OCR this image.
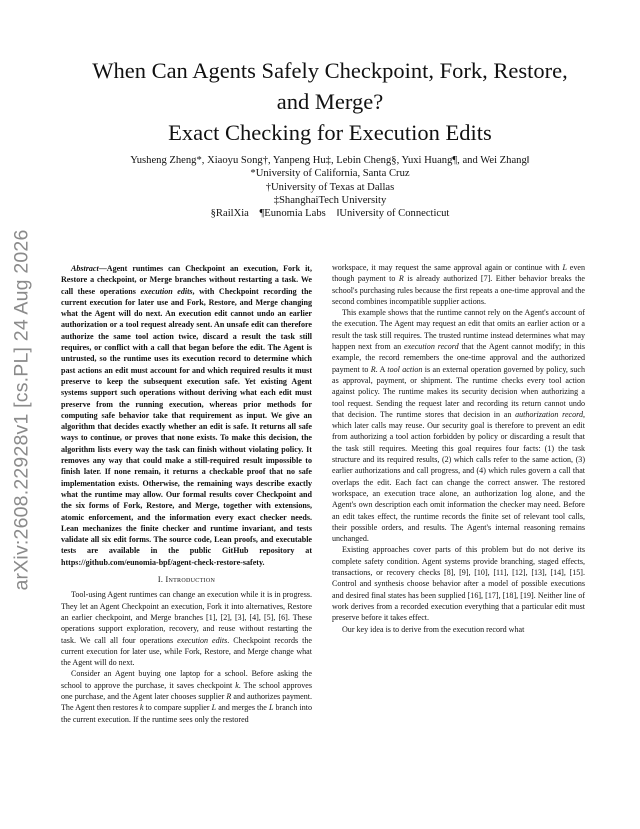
arXiv:2608.22928v1 [cs.PL] 24 Aug 2026
When Can Agents Safely Checkpoint, Fork, Restore,
and Merge?
Exact Checking for Execution Edits
Yusheng Zheng*, Xiaoyu Song†, Yanpeng Hu‡, Lebin Cheng§, Yuxi Huang¶, and Wei Zhang‖
*University of California, Santa Cruz
†University of Texas at Dallas
‡ShanghaiTech University
§RailXia    ¶Eunomia Labs    ‖University of Connecticut

Abstract—Agent runtimes can Checkpoint an execution, Fork it, Restore a checkpoint, or Merge branches without restarting a task. We call these operations execution edits, with Checkpoint recording the current execution for later use and Fork, Restore, and Merge changing what the Agent will do next. An execution edit cannot undo an earlier authorization or a tool request already sent. An unsafe edit can therefore authorize the same tool action twice, discard a result the task still requires, or conflict with a call that began before the edit. The Agent is untrusted, so the runtime uses its execution record to determine which past actions an edit must account for and which required results it must preserve to keep the subsequent execution safe. Yet existing Agent systems support such operations without deriving what each edit must preserve from the running execution, whereas prior methods for computing safe behavior take that requirement as input. We give an algorithm that decides exactly whether an edit is safe. It returns all safe ways to continue, or proves that none exists. To make this decision, the algorithm lists every way the task can finish without violating policy. It removes any way that could make a still-required result impossible to finish later. If none remain, it returns a checkable proof that no safe implementation exists. Otherwise, the remaining ways describe exactly what the runtime may allow. Our formal results cover Checkpoint and the six forms of Fork, Restore, and Merge, together with extensions, atomic enforcement, and the information every exact checker needs. Lean mechanizes the finite checker and runtime invariant, and tests validate all six edit forms. The source code, Lean proofs, and executable tests are available in the public GitHub repository at https://github.com/eunomia-bpf/agent-check-restore-safety.

I. Introduction

Tool-using Agent runtimes can change an execution while it is in progress. They let an Agent Checkpoint an execution, Fork it into alternatives, Restore an earlier checkpoint, and Merge branches [1], [2], [3], [4], [5], [6]. These operations support exploration, recovery, and reuse without restarting the task. We call all four operations execution edits. Checkpoint records the current execution for later use, while Fork, Restore, and Merge change what the Agent will do next.

Consider an Agent buying one laptop for a school. Before asking the school to approve the purchase, it saves checkpoint k. The school approves one purchase, and the Agent later chooses supplier R and authorizes payment. The Agent then restores k to compare supplier L and merges the L branch into the current execution. If the runtime sees only the restored

workspace, it may request the same approval again or continue with L even though payment to R is already authorized [7]. Either behavior breaks the school's purchasing rules because the first repeats a one-time approval and the second combines incompatible supplier actions.

This example shows that the runtime cannot rely on the Agent's account of the execution. The Agent may request an edit that omits an earlier action or a result the task still requires. The trusted runtime instead determines what may happen next from an execution record that the Agent cannot modify; in this example, the record remembers the one-time approval and the authorized payment to R. A tool action is an external operation governed by policy, such as approval, payment, or shipment. The runtime checks every tool action against policy. The runtime makes its security decision when authorizing a tool request. Sending the request later and recording its return cannot undo that decision. The runtime stores that decision in an authorization record, which later calls may reuse. Our security goal is therefore to prevent an edit from authorizing a tool action forbidden by policy or discarding a result that the task still requires. Meeting this goal requires four facts: (1) the task structure and its required results, (2) which calls refer to the same action, (3) earlier authorizations and call progress, and (4) which rules govern a call that overlaps the edit. Each fact can change the correct answer. The restored workspace, an execution trace alone, an authorization log alone, and the Agent's own description each omit information the checker may need. Before an edit takes effect, the runtime records the finite set of relevant tool calls, their possible orders, and results. The Agent's internal reasoning remains unchanged.

Existing approaches cover parts of this problem but do not derive its complete safety condition. Agent systems provide branching, staged effects, transactions, or recovery checks [8], [9], [10], [11], [12], [13], [14], [15]. Control and synthesis choose behavior after a model of possible executions and desired final states has been supplied [16], [17], [18], [19]. Neither line of work derives from a recorded execution everything that a particular edit must preserve before it takes effect.

Our key idea is to derive from the execution record what
